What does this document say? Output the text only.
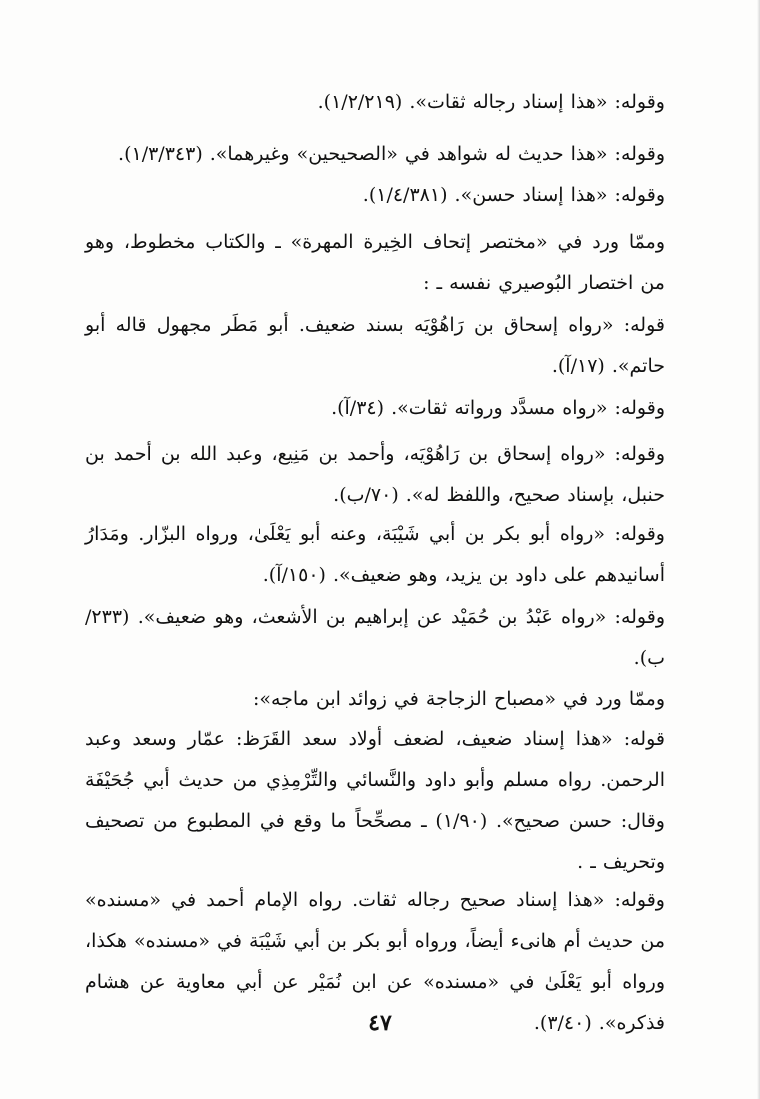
وقوله: «هذا إسناد رجاله ثقات». (١/٢/٢١٩).

وقوله: «هذا حديث له شواهد في «الصحيحين» وغيرهما». (١/٣/٣٤٣).

وقوله: «هذا إسناد حسن». (١/٤/٣٨١).

وممّا ورد في «مختصر إتحاف الخِيرة المهرة» ـ والكتاب مخطوط، وهو من اختصار البُوصيري نفسه ـ :

قوله: «رواه إسحاق بن رَاهُوْيَه بسند ضعيف. أبو مَطَر مجهول قاله أبو حاتم». (١٧/آ).

وقوله: «رواه مسدَّد ورواته ثقات». (٣٤/آ).

وقوله: «رواه إسحاق بن رَاهُوْيَه، وأحمد بن مَنِيع، وعبد الله بن أحمد بن حنبل، بإسناد صحيح، واللفظ له». (٧٠/ب).

وقوله: «رواه أبو بكر بن أبي شَيْبَة، وعنه أبو يَعْلَىٰ، ورواه البزّار. ومَدَارُ أسانيدهم على داود بن يزيد، وهو ضعيف». (١٥٠/آ).

وقوله: «رواه عَبْدُ بن حُمَيْد عن إبراهيم بن الأشعث، وهو ضعيف». (٢٣٣/ب).

وممّا ورد في «مصباح الزجاجة في زوائد ابن ماجه»:

قوله: «هذا إسناد ضعيف، لضعف أولاد سعد القَرَظ: عمّار وسعد وعبد الرحمن. رواه مسلم وأبو داود والنَّسائي والتِّرْمِذِي من حديث أبي جُحَيْفَة وقال: حسن صحيح». (١/٩٠) ـ مصحِّحاً ما وقع في المطبوع من تصحيف وتحريف ـ .

وقوله: «هذا إسناد صحيح رجاله ثقات. رواه الإمام أحمد في «مسنده» من حديث أم هانىء أيضاً، ورواه أبو بكر بن أبي شَيْبَة في «مسنده» هكذا، ورواه أبو يَعْلَىٰ في «مسنده» عن ابن نُمَيْر عن أبي معاوية عن هشام فذكره». (٣/٤٠).

٤٧
